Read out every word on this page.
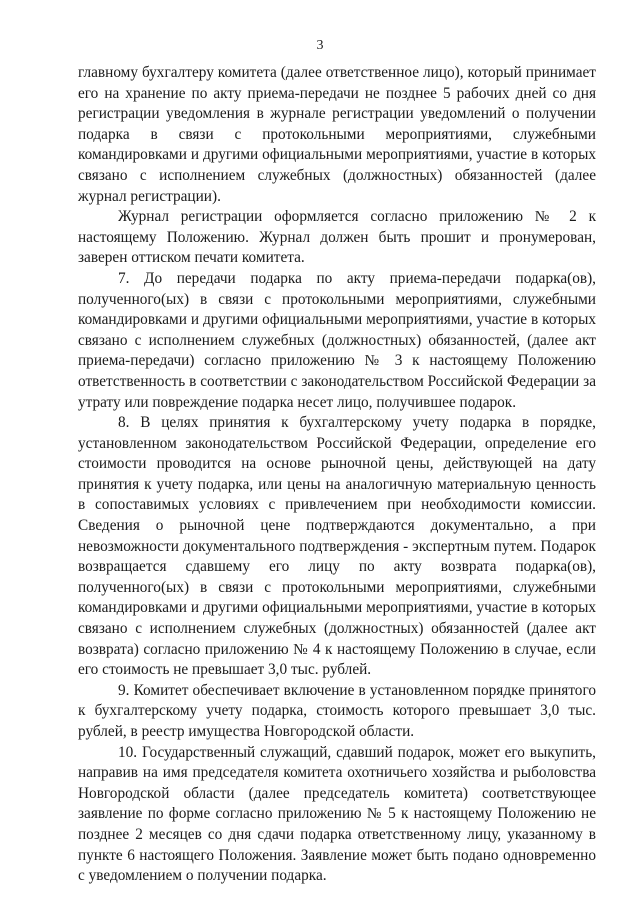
3

главному бухгалтеру комитета (далее ответственное лицо), который принимает его на хранение по акту приема-передачи не позднее 5 рабочих дней со дня регистрации уведомления в журнале регистрации уведомлений о получении подарка в связи с протокольными мероприятиями, служебными командировками и другими официальными мероприятиями, участие в которых связано с исполнением служебных (должностных) обязанностей (далее журнал регистрации).

Журнал регистрации оформляется согласно приложению № 2 к настоящему Положению. Журнал должен быть прошит и пронумерован, заверен оттиском печати комитета.

7. До передачи подарка по акту приема-передачи подарка(ов), полученного(ых) в связи с протокольными мероприятиями, служебными командировками и другими официальными мероприятиями, участие в которых связано с исполнением служебных (должностных) обязанностей, (далее акт приема-передачи) согласно приложению № 3 к настоящему Положению ответственность в соответствии с законодательством Российской Федерации за утрату или повреждение подарка несет лицо, получившее подарок.

8. В целях принятия к бухгалтерскому учету подарка в порядке, установленном законодательством Российской Федерации, определение его стоимости проводится на основе рыночной цены, действующей на дату принятия к учету подарка, или цены на аналогичную материальную ценность в сопоставимых условиях с привлечением при необходимости комиссии. Сведения о рыночной цене подтверждаются документально, а при невозможности документального подтверждения - экспертным путем. Подарок возвращается сдавшему его лицу по акту возврата подарка(ов), полученного(ых) в связи с протокольными мероприятиями, служебными командировками и другими официальными мероприятиями, участие в которых связано с исполнением служебных (должностных) обязанностей (далее акт возврата) согласно приложению № 4 к настоящему Положению в случае, если его стоимость не превышает 3,0 тыс. рублей.

9. Комитет обеспечивает включение в установленном порядке принятого к бухгалтерскому учету подарка, стоимость которого превышает 3,0 тыс. рублей, в реестр имущества Новгородской области.

10. Государственный служащий, сдавший подарок, может его выкупить, направив на имя председателя комитета охотничьего хозяйства и рыболовства Новгородской области (далее председатель комитета) соответствующее заявление по форме согласно приложению № 5 к настоящему Положению не позднее 2 месяцев со дня сдачи подарка ответственному лицу, указанному в пункте 6 настоящего Положения. Заявление может быть подано одновременно с уведомлением о получении подарка.
